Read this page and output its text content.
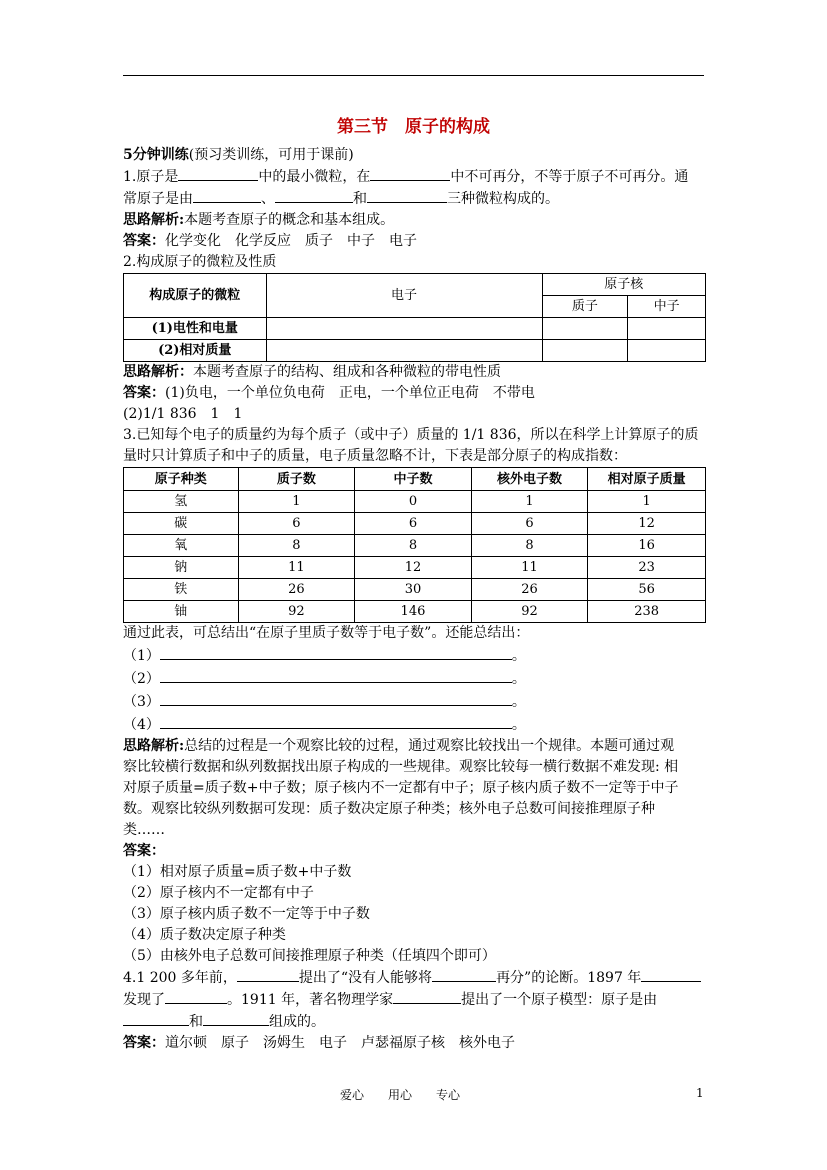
第三节　原子的构成

5分钟训练(预习类训练，可用于课前)

1.原子是	中的最小微粒，在	中不可再分，不等于原子不可再分。通

常原子是由	、	和	三种微粒构成的。

思路解析:本题考查原子的概念和基本组成。

答案：化学变化　化学反应　质子　中子　电子

2.构成原子的微粒及性质

构成原子的微粒	电子	原子核	
		质子	中子
(1)电性和电量			
(2)相对质量			

思路解析：本题考查原子的结构、组成和各种微粒的带电性质

答案：(1)负电，一个单位负电荷　正电，一个单位正电荷　不带电

(2)1/1 836　1　1

3.已知每个电子的质量约为每个质子（或中子）质量的 1/1 836，所以在科学上计算原子的质

量时只计算质子和中子的质量，电子质量忽略不计，下表是部分原子的构成指数：

原子种类	质子数	中子数	核外电子数	相对原子质量
氢	1	0	1	1
碳	6	6	6	12
氧	8	8	8	16
钠	11	12	11	23
铁	26	30	26	56
铀	92	146	92	238

通过此表，可总结出“在原子里质子数等于电子数”。还能总结出：

（1）	。

（2）	。

（3）	。

（4）	。

思路解析:总结的过程是一个观察比较的过程，通过观察比较找出一个规律。本题可通过观

察比较横行数据和纵列数据找出原子构成的一些规律。观察比较每一横行数据不难发现: 相

对原子质量=质子数+中子数；原子核内不一定都有中子；原子核内质子数不一定等于中子

数。观察比较纵列数据可发现：质子数决定原子种类；核外电子总数可间接推理原子种

类……

答案：

（1）相对原子质量=质子数+中子数

（2）原子核内不一定都有中子

（3）原子核内质子数不一定等于中子数

（4）质子数决定原子种类

（5）由核外电子总数可间接推理原子种类（任填四个即可）

4.1 200 多年前，	提出了“没有人能够将	再分”的论断。1897 年

发现了	。1911 年，著名物理学家	提出了一个原子模型：原子是由

和	组成的。

答案：道尔顿　原子　汤姆生　电子　卢瑟福原子核　核外电子

爱心　　用心　　专心	1
